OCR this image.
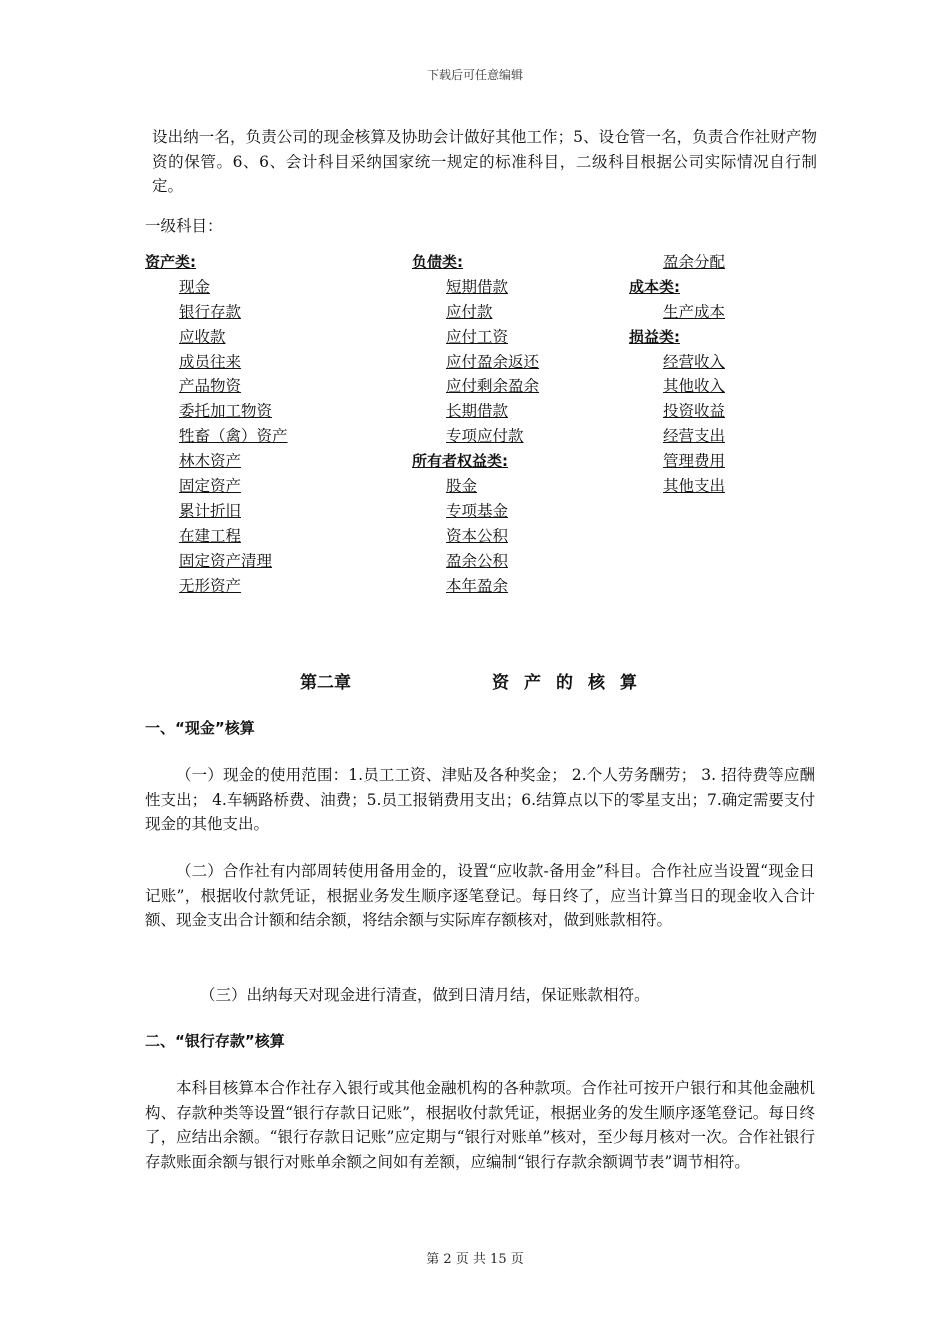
下载后可任意编辑
设出纳一名，负责公司的现金核算及协助会计做好其他工作；5、设仓管一名，负责合作社财产物资的保管。6、6、会计科目采纳国家统一规定的标准科目，二级科目根据公司实际情况自行制定。
一级科目：
资产类:
现金
银行存款
应收款
成员往来
产品物资
委托加工物资
牲畜（禽）资产
林木资产
固定资产
累计折旧
在建工程
固定资产清理
无形资产
负债类:
短期借款
应付款
应付工资
应付盈余返还
应付剩余盈余
长期借款
专项应付款
所有者权益类:
股金
专项基金
资本公积
盈余公积
本年盈余
盈余分配
成本类:
生产成本
损益类:
经营收入
其他收入
投资收益
经营支出
管理费用
其他支出
第二章	资产的核算
一、“现金”核算
（一）现金的使用范围：1.员工工资、津贴及各种奖金； 2.个人劳务酬劳； 3. 招待费等应酬性支出； 4.车辆路桥费、油费；5.员工报销费用支出；6.结算点以下的零星支出；7.确定需要支付现金的其他支出。
（二）合作社有内部周转使用备用金的，设置“应收款-备用金”科目。合作社应当设置“现金日记账”，根据收付款凭证，根据业务发生顺序逐笔登记。每日终了，应当计算当日的现金收入合计额、现金支出合计额和结余额，将结余额与实际库存额核对，做到账款相符。
（三）出纳每天对现金进行清查，做到日清月结，保证账款相符。
二、“银行存款”核算
本科目核算本合作社存入银行或其他金融机构的各种款项。合作社可按开户银行和其他金融机构、存款种类等设置“银行存款日记账”，根据收付款凭证，根据业务的发生顺序逐笔登记。每日终了，应结出余额。“银行存款日记账”应定期与“银行对账单”核对，至少每月核对一次。合作社银行存款账面余额与银行对账单余额之间如有差额，应编制“银行存款余额调节表”调节相符。
第 2 页 共 15 页
